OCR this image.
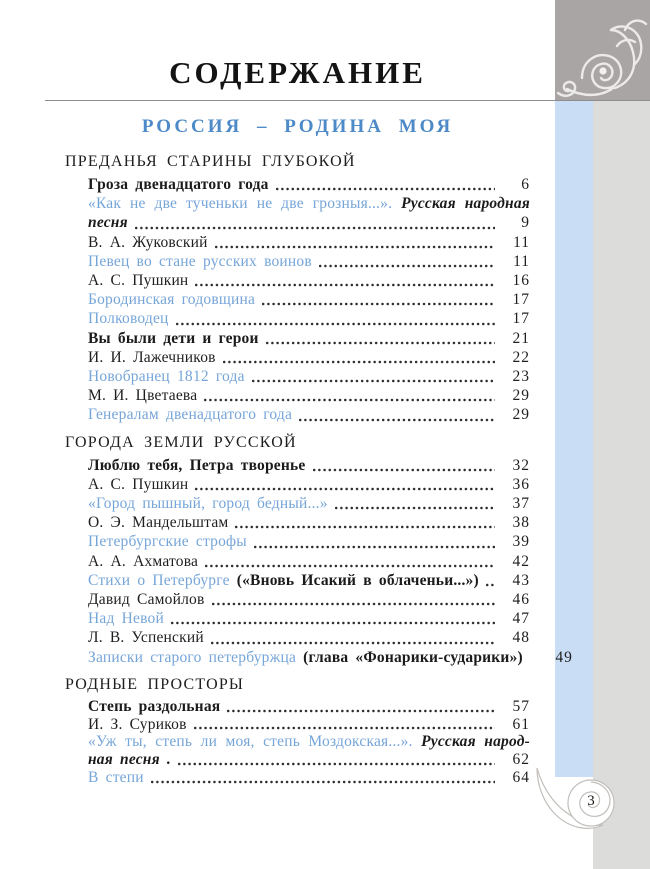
3
СОДЕРЖАНИЕ
РОССИЯ – РОДИНА МОЯ
ПРЕДАНЬЯ СТАРИНЫ ГЛУБОКОЙ
Гроза двенадцатого года	6
«Как не две тученьки не две грозныя...». Русская народная
песня	9
В. А. Жуковский	11
Певец во стане русских воинов	11
А. С. Пушкин	16
Бородинская годовщина	17
Полководец	17
Вы были дети и герои	21
И. И. Лажечников	22
Новобранец 1812 года	23
М. И. Цветаева	29
Генералам двенадцатого года	29
ГОРОДА ЗЕМЛИ РУССКОЙ
Люблю тебя, Петра творенье	32
А. С. Пушкин	36
«Город пышный, город бедный...»	37
О. Э. Мандельштам	38
Петербургские строфы	39
А. А. Ахматова	42
Стихи о Петербурге («Вновь Исакий в облаченьи...»)	43
Давид Самойлов	46
Над Невой	47
Л. В. Успенский	48
Записки старого петербуржца (глава «Фонарики-сударики»)	49
РОДНЫЕ ПРОСТОРЫ
Степь раздольная	57
И. З. Суриков	61
«Уж ты, степь ли моя, степь Моздокская...». Русская народ-
ная песня .	62
В степи	64
